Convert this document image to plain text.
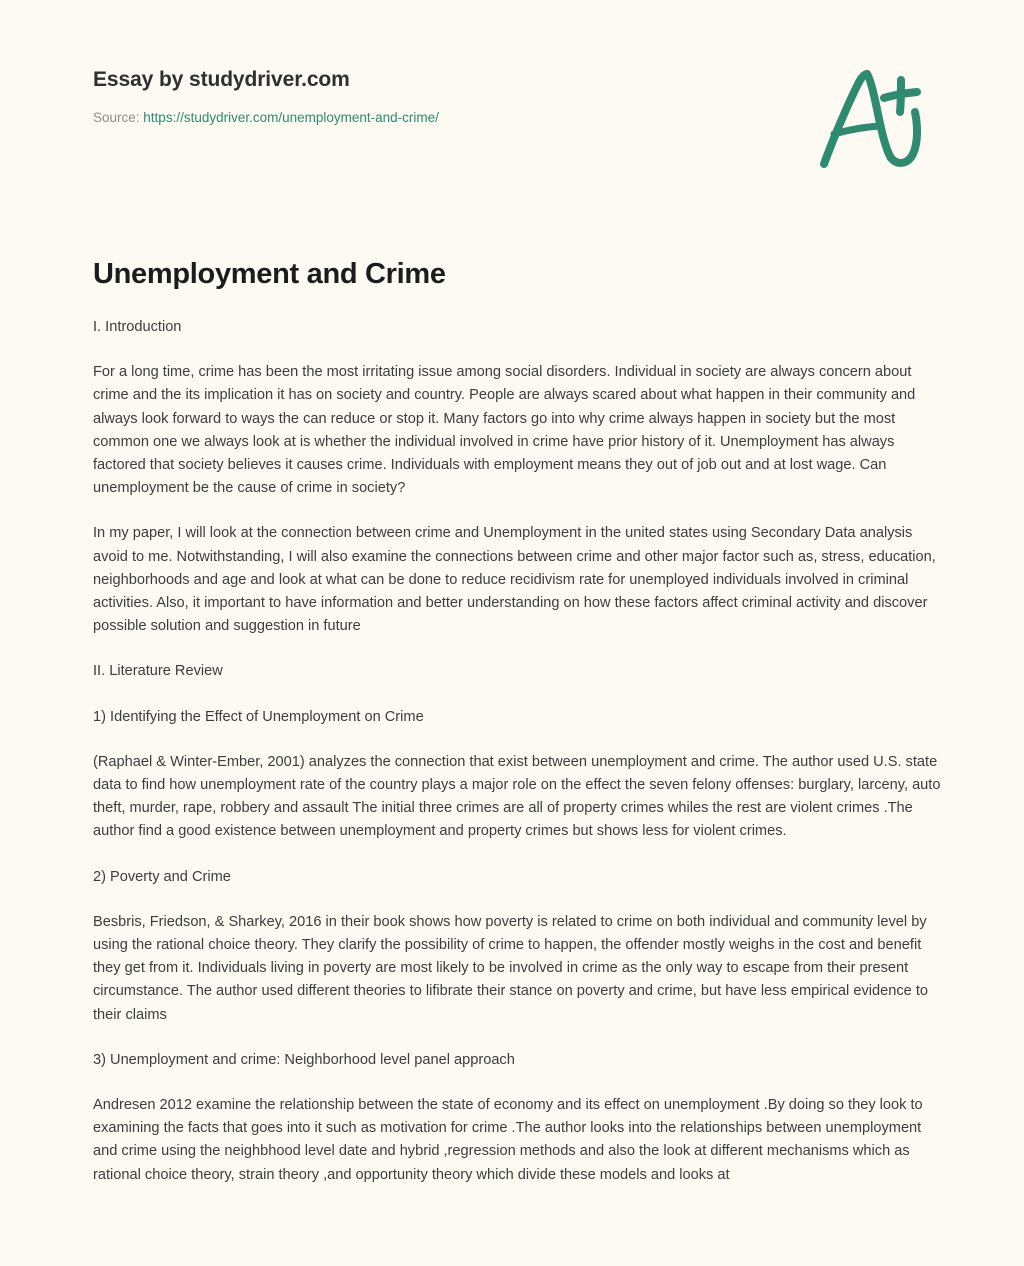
Essay by studydriver.com
Source: https://studydriver.com/unemployment-and-crime/
Unemployment and Crime

I. Introduction

For a long time, crime has been the most irritating issue among social disorders. Individual in society are always concern about crime and the its implication it has on society and country. People are always scared about what happen in their community and always look forward to ways the can reduce or stop it. Many factors go into why crime always happen in society but the most common one we always look at is whether the individual involved in crime have prior history of it. Unemployment has always factored that society believes it causes crime. Individuals with employment means they out of job out and at lost wage. Can unemployment be the cause of crime in society?

In my paper, I will look at the connection between crime and Unemployment in the united states using Secondary Data analysis avoid to me. Notwithstanding, I will also examine the connections between crime and other major factor such as, stress, education, neighborhoods and age and look at what can be done to reduce recidivism rate for unemployed individuals involved in criminal activities. Also, it important to have information and better understanding on how these factors affect criminal activity and discover possible solution and suggestion in future

II. Literature Review

1) Identifying the Effect of Unemployment on Crime

(Raphael & Winter-Ember, 2001) analyzes the connection that exist between unemployment and crime. The author used U.S. state data to find how unemployment rate of the country plays a major role on the effect the seven felony offenses: burglary, larceny, auto theft, murder, rape, robbery and assault The initial three crimes are all of property crimes whiles the rest are violent crimes .The author find a good existence between unemployment and property crimes but shows less for violent crimes.

2) Poverty and Crime

Besbris, Friedson, & Sharkey, 2016 in their book shows how poverty is related to crime on both individual and community level by using the rational choice theory. They clarify the possibility of crime to happen, the offender mostly weighs in the cost and benefit they get from it. Individuals living in poverty are most likely to be involved in crime as the only way to escape from their present circumstance. The author used different theories to lifibrate their stance on poverty and crime, but have less empirical evidence to their claims

3) Unemployment and crime: Neighborhood level panel approach

Andresen 2012 examine the relationship between the state of economy and its effect on unemployment .By doing so they look to examining the facts that goes into it such as motivation for crime .The author looks into the relationships between unemployment and crime using the neighbhood level date and hybrid ,regression methods and also the look at different mechanisms which as rational choice theory, strain theory ,and opportunity theory which divide these models and looks at
